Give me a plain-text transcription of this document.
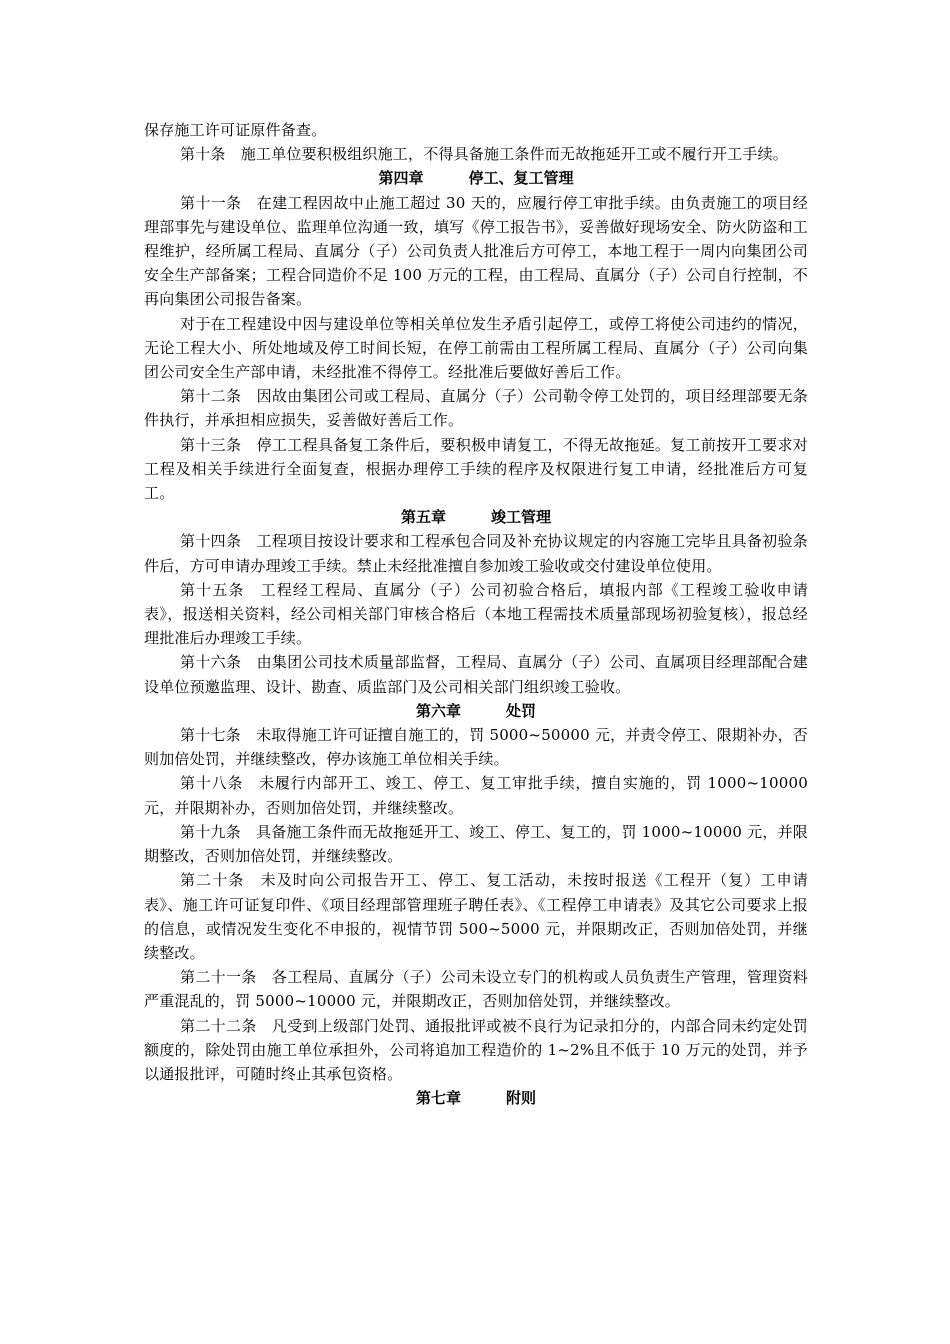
保存施工许可证原件备查。

第十条　施工单位要积极组织施工，不得具备施工条件而无故拖延开工或不履行开工手续。

第四章　　　停工、复工管理

第十一条　在建工程因故中止施工超过 30 天的，应履行停工审批手续。由负责施工的项目经理部事先与建设单位、监理单位沟通一致，填写《停工报告书》，妥善做好现场安全、防火防盗和工程维护，经所属工程局、直属分（子）公司负责人批准后方可停工，本地工程于一周内向集团公司安全生产部备案；工程合同造价不足 100 万元的工程，由工程局、直属分（子）公司自行控制，不再向集团公司报告备案。

对于在工程建设中因与建设单位等相关单位发生矛盾引起停工，或停工将使公司违约的情况，无论工程大小、所处地域及停工时间长短，在停工前需由工程所属工程局、直属分（子）公司向集团公司安全生产部申请，未经批准不得停工。经批准后要做好善后工作。

第十二条　因故由集团公司或工程局、直属分（子）公司勒令停工处罚的，项目经理部要无条件执行，并承担相应损失，妥善做好善后工作。

第十三条　停工工程具备复工条件后，要积极申请复工，不得无故拖延。复工前按开工要求对工程及相关手续进行全面复查，根据办理停工手续的程序及权限进行复工申请，经批准后方可复工。

第五章　　　竣工管理

第十四条　工程项目按设计要求和工程承包合同及补充协议规定的内容施工完毕且具备初验条件后，方可申请办理竣工手续。禁止未经批准擅自参加竣工验收或交付建设单位使用。

第十五条　工程经工程局、直属分（子）公司初验合格后，填报内部《工程竣工验收申请表》，报送相关资料，经公司相关部门审核合格后（本地工程需技术质量部现场初验复核），报总经理批准后办理竣工手续。

第十六条　由集团公司技术质量部监督，工程局、直属分（子）公司、直属项目经理部配合建设单位预邀监理、设计、勘查、质监部门及公司相关部门组织竣工验收。

第六章　　　处罚

第十七条　未取得施工许可证擅自施工的，罚 5000~50000 元，并责令停工、限期补办，否则加倍处罚，并继续整改，停办该施工单位相关手续。

第十八条　未履行内部开工、竣工、停工、复工审批手续，擅自实施的，罚 1000~10000 元，并限期补办，否则加倍处罚，并继续整改。

第十九条　具备施工条件而无故拖延开工、竣工、停工、复工的，罚 1000~10000 元，并限期整改，否则加倍处罚，并继续整改。

第二十条　未及时向公司报告开工、停工、复工活动，未按时报送《工程开（复）工申请表》、施工许可证复印件、《项目经理部管理班子聘任表》、《工程停工申请表》及其它公司要求上报的信息，或情况发生变化不申报的，视情节罚 500~5000 元，并限期改正，否则加倍处罚，并继续整改。

第二十一条　各工程局、直属分（子）公司未设立专门的机构或人员负责生产管理，管理资料严重混乱的，罚 5000~10000 元，并限期改正，否则加倍处罚，并继续整改。

第二十二条　凡受到上级部门处罚、通报批评或被不良行为记录扣分的，内部合同未约定处罚额度的，除处罚由施工单位承担外，公司将追加工程造价的 1~2%且不低于 10 万元的处罚，并予以通报批评，可随时终止其承包资格。

第七章　　　附则
